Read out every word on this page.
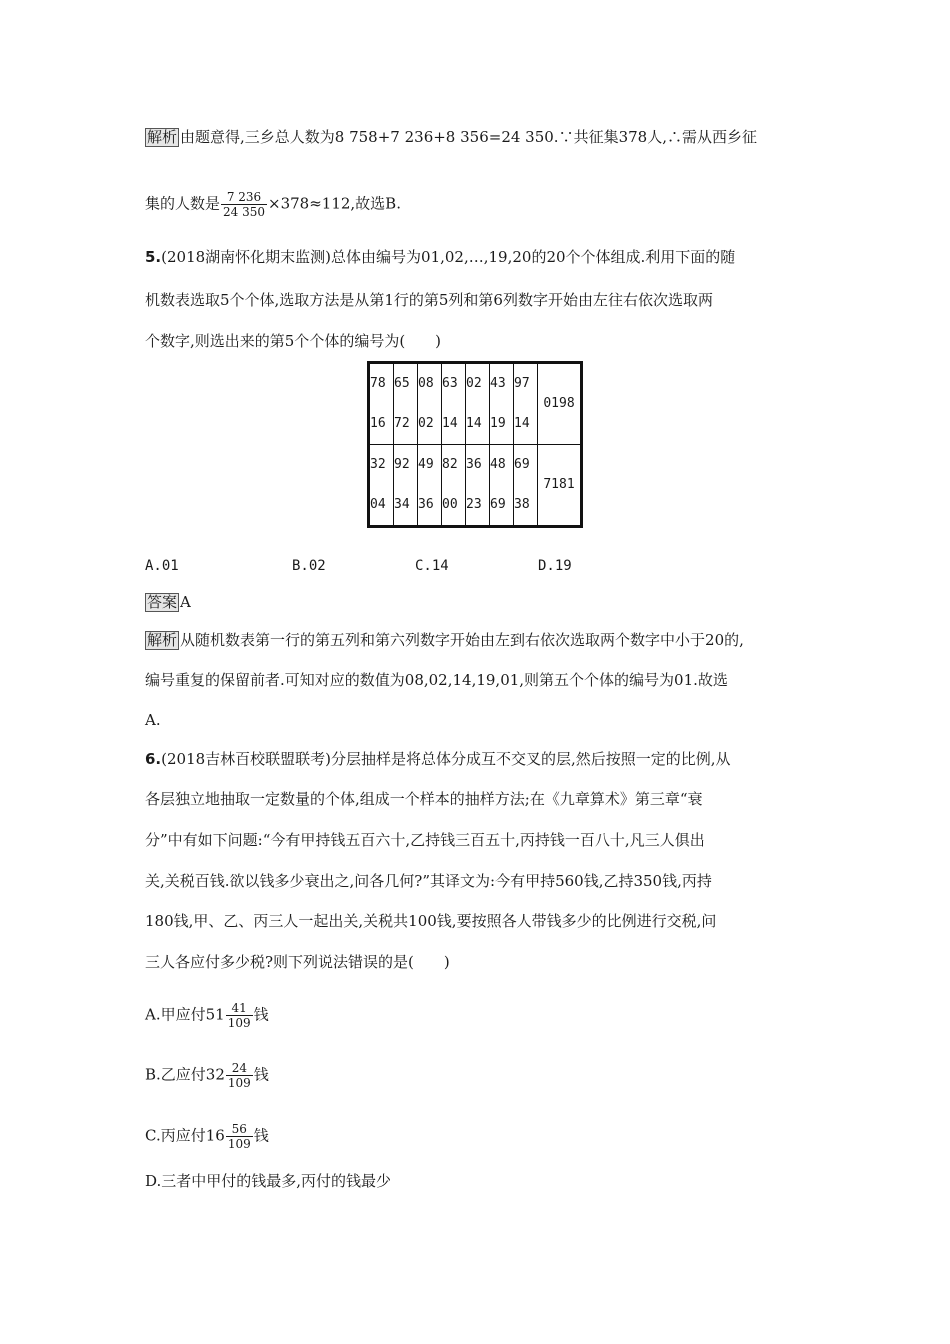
解析 由题意得,三乡总人数为8 758+7 236+8 356=24 350.∵共征集378人,∴需从西乡征
集的人数是 $\frac{7 236}{24 350} \times 378\approx 112$,故选B.
5.(2018湖南怀化期末监测)总体由编号为01,02,…,19,20的20个个体组成.利用下面的随
机数表选取5个个体,选取方法是从第1行的第5列和第6列数字开始由左往右依次选取两
个数字,则选出来的第5个个体的编号为(　　)
7816	6572	0802	6314	0214	4319	9714	0198
3204	9234	4936	8200	3623	4869	6938	7181
A.01	B.02	C.14	D.19
答案 A
解析 从随机数表第一行的第五列和第六列数字开始由左到右依次选取两个数字中小于20的,
编号重复的保留前者.可知对应的数值为08,02,14,19,01,则第五个个体的编号为01.故选
A.
6.(2018吉林百校联盟联考)分层抽样是将总体分成互不交叉的层,然后按照一定的比例,从
各层独立地抽取一定数量的个体,组成一个样本的抽样方法;在《九章算术》第三章“衰
分”中有如下问题:“今有甲持钱五百六十,乙持钱三百五十,丙持钱一百八十,凡三人俱出
关,关税百钱.欲以钱多少衰出之,问各几何?”其译文为:今有甲持560钱,乙持350钱,丙持
180钱,甲、乙、丙三人一起出关,关税共100钱,要按照各人带钱多少的比例进行交税,问
三人各应付多少税?则下列说法错误的是(　　)
A.甲应付$51 \frac{41}{109}$ 钱
B.乙应付$32 \frac{24}{109}$ 钱
C.丙应付$16 \frac{56}{109}$ 钱
D.三者中甲付的钱最多,丙付的钱最少
